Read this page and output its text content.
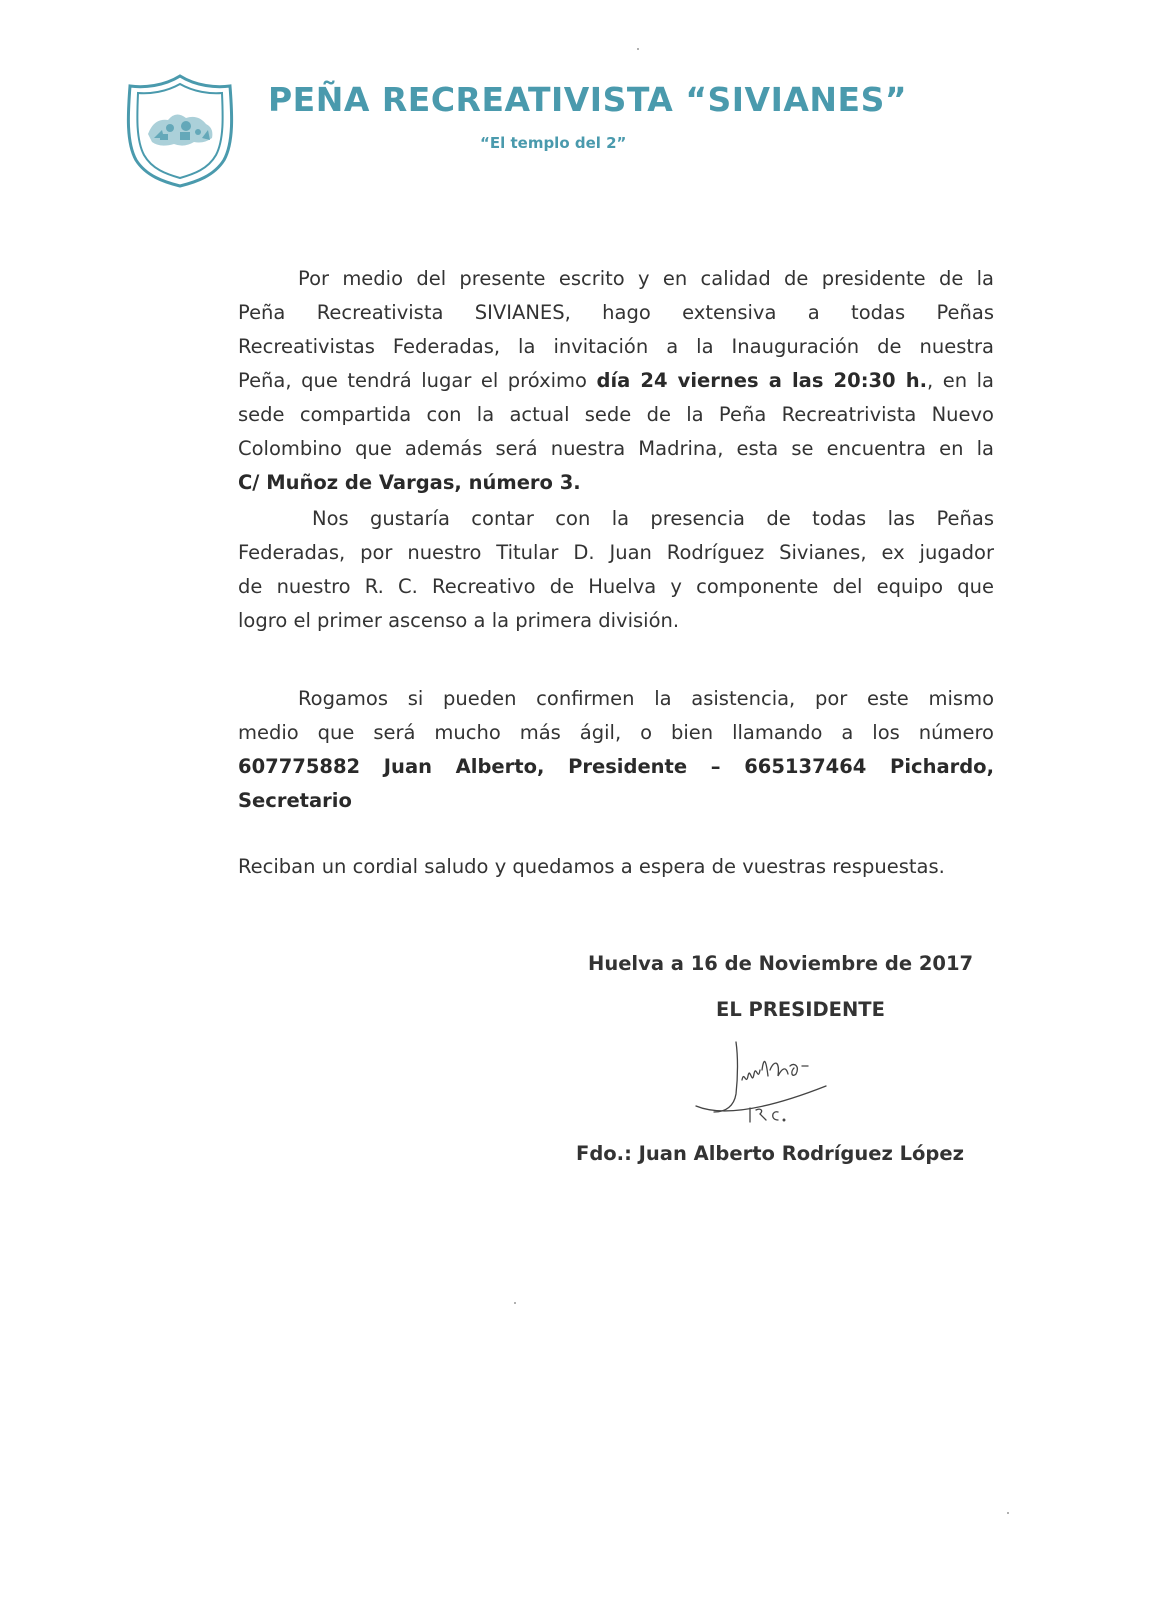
PEÑA RECREATIVISTA “SIVIANES”
“El templo del 2”
Por medio del presente escrito y en calidad de presidente de la
Peña Recreativista SIVIANES, hago extensiva a todas Peñas
Recreativistas Federadas, la invitación a la Inauguración de nuestra
Peña, que tendrá lugar el próximo día 24 viernes a las 20:30 h., en la
sede compartida con la actual sede de la Peña Recreatrivista Nuevo
Colombino que además será nuestra Madrina, esta se encuentra en la
C/ Muñoz de Vargas, número 3.
Nos gustaría contar con la presencia de todas las Peñas
Federadas, por nuestro Titular D. Juan Rodríguez Sivianes, ex jugador
de nuestro R. C. Recreativo de Huelva y componente del equipo que
logro el primer ascenso a la primera división.
Rogamos si pueden confirmen la asistencia, por este mismo
medio que será mucho más ágil, o bien llamando a los número
607775882 Juan Alberto, Presidente – 665137464 Pichardo,
Secretario
Reciban un cordial saludo y quedamos a espera de vuestras respuestas.
Huelva a 16 de Noviembre de 2017
EL PRESIDENTE
Fdo.: Juan Alberto Rodríguez López
